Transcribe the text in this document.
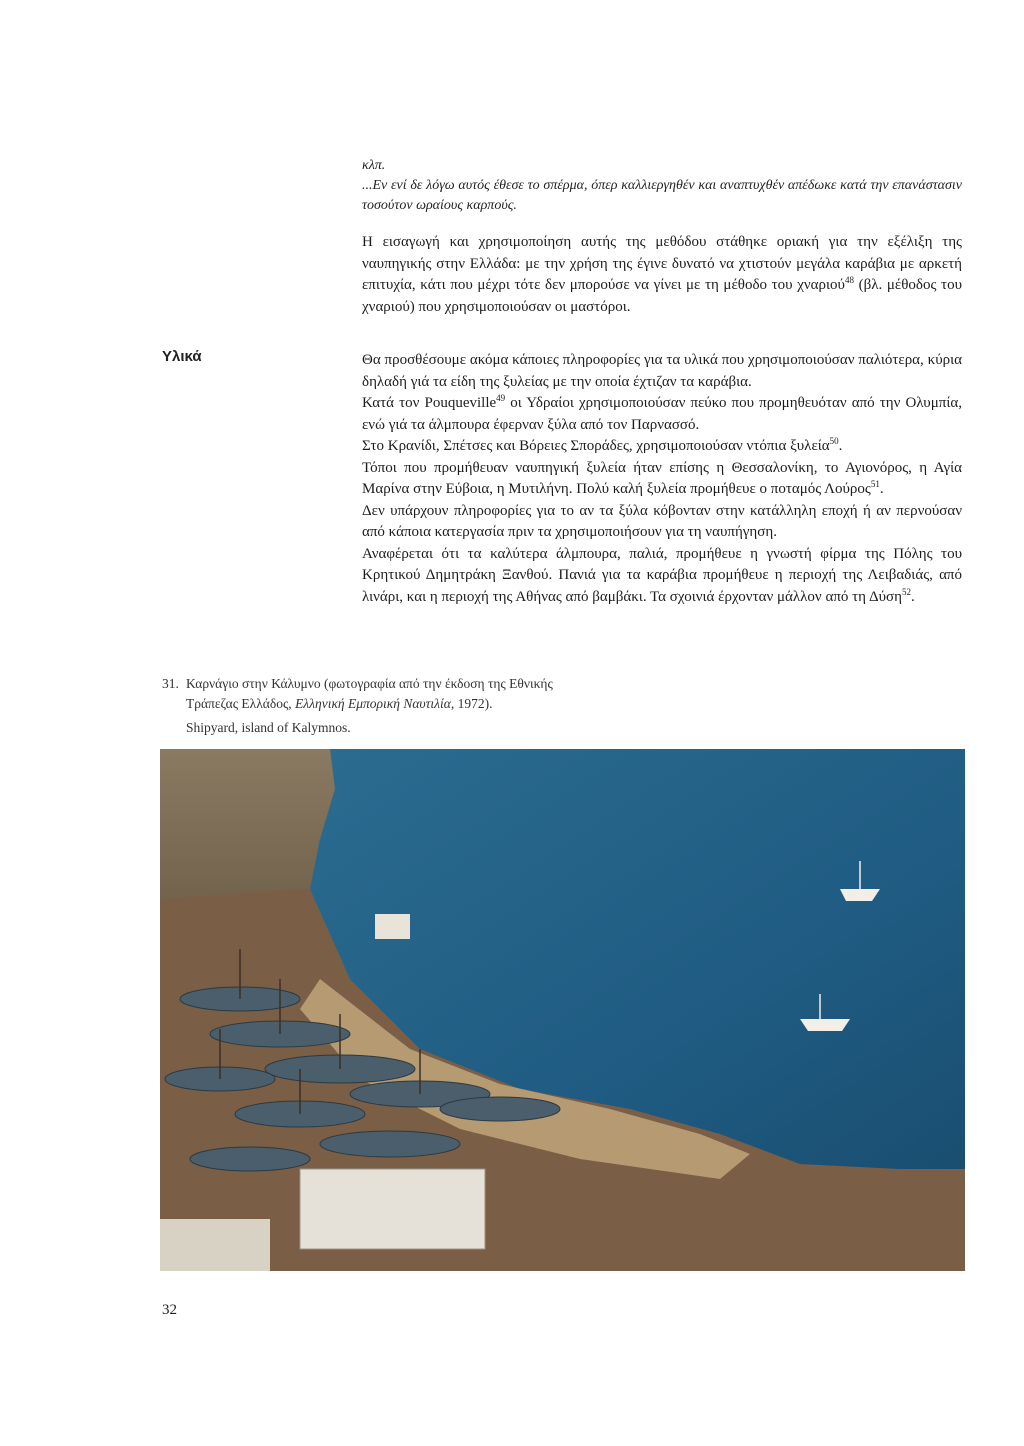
κλπ.

...Εν ενί δε λόγω αυτός έθεσε το σπέρμα, όπερ καλλιεργηθέν και αναπτυχθέν απέδωκε κατά την επανάστασιν τοσούτον ωραίους καρπούς.

Η εισαγωγή και χρησιμοποίηση αυτής της μεθόδου στάθηκε οριακή για την εξέλιξη της ναυπηγικής στην Ελλάδα: με την χρήση της έγινε δυνατό να χτιστούν μεγάλα καράβια με αρκετή επιτυχία, κάτι που μέχρι τότε δεν μπορούσε να γίνει με τη μέθοδο του χναριού$^{48}$ (βλ. μέθοδος του χναριού) που χρησιμοποιούσαν οι μαστόροι.

Υλικά	Θα προσθέσουμε ακόμα κάποιες πληροφορίες για τα υλικά που χρησιμοποιούσαν παλιότερα, κύρια δηλαδή γιά τα είδη της ξυλείας με την οποία έχτιζαν τα καράβια.

Κατά τον Pouqueville$^{49}$ οι Υδραίοι χρησιμοποιούσαν πεύκο που προμηθευόταν από την Ολυμπία, ενώ γιά τα άλμπουρα έφερναν ξύλα από τον Παρνασσό.

Στο Κρανίδι, Σπέτσες και Βόρειες Σποράδες, χρησιμοποιούσαν ντόπια ξυλεία$^{50}$.

Τόποι που προμήθευαν ναυπηγική ξυλεία ήταν επίσης η Θεσσαλονίκη, το Αγιονόρος, η Αγία Μαρίνα στην Εύβοια, η Μυτιλήνη. Πολύ καλή ξυλεία προμήθευε ο ποταμός Λούρος$^{51}$.

Δεν υπάρχουν πληροφορίες για το αν τα ξύλα κόβονταν στην κατάλληλη εποχή ή αν περνούσαν από κάποια κατεργασία πριν τα χρησιμοποιήσουν για τη ναυπήγηση.

Αναφέρεται ότι τα καλύτερα άλμπουρα, παλιά, προμήθευε η γνωστή φίρμα της Πόλης του Κρητικού Δημητράκη Ξανθού. Πανιά για τα καράβια προμήθευε η περιοχή της Λειβαδιάς, από λινάρι, και η περιοχή της Αθήνας από βαμβάκι. Τα σχοινιά έρχονταν μάλλον από τη Δύση$^{52}$.

31. Καρνάγιο στην Κάλυμνο (φωτογραφία από την έκδοση της Εθνικής

Τράπεζας Ελλάδος, Ελληνική Εμπορική Ναυτιλία, 1972).

Shipyard, island of Kalymnos.

32
